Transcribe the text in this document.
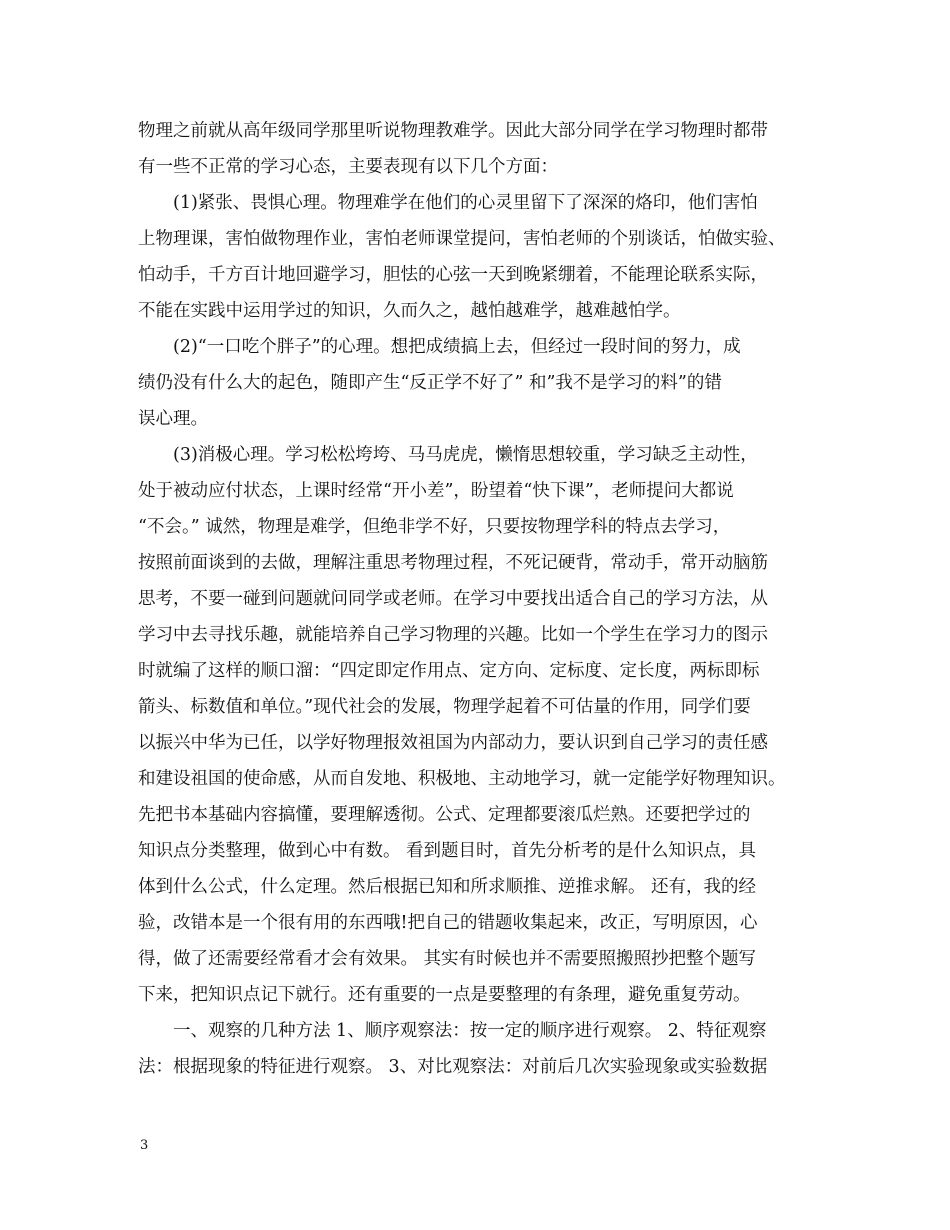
物理之前就从高年级同学那里听说物理教难学。因此大部分同学在学习物理时都带
有一些不正常的学习心态，主要表现有以下几个方面：
　　(1)紧张、畏惧心理。物理难学在他们的心灵里留下了深深的烙印，他们害怕
上物理课，害怕做物理作业，害怕老师课堂提问，害怕老师的个别谈话，怕做实验、
怕动手，千方百计地回避学习，胆怯的心弦一天到晚紧绷着，不能理论联系实际，
不能在实践中运用学过的知识，久而久之，越怕越难学，越难越怕学。
　　(2)“一口吃个胖子”的心理。想把成绩搞上去，但经过一段时间的努力，成
绩仍没有什么大的起色，随即产生“反正学不好了” 和”我不是学习的料”的错
误心理。
　　(3)消极心理。学习松松垮垮、马马虎虎，懒惰思想较重，学习缺乏主动性，
处于被动应付状态，上课时经常“开小差”，盼望着“快下课”，老师提问大都说
“不会。” 诚然，物理是难学，但绝非学不好，只要按物理学科的特点去学习，
按照前面谈到的去做，理解注重思考物理过程，不死记硬背，常动手，常开动脑筋
思考，不要一碰到问题就问同学或老师。在学习中要找出适合自己的学习方法，从
学习中去寻找乐趣，就能培养自己学习物理的兴趣。比如一个学生在学习力的图示
时就编了这样的顺口溜：“四定即定作用点、定方向、定标度、定长度，两标即标
箭头、标数值和单位。”现代社会的发展，物理学起着不可估量的作用，同学们要
以振兴中华为已任，以学好物理报效祖国为内部动力，要认识到自己学习的责任感
和建设祖国的使命感，从而自发地、积极地、主动地学习，就一定能学好物理知识。
先把书本基础内容搞懂，要理解透彻。公式、定理都要滚瓜烂熟。还要把学过的
知识点分类整理，做到心中有数。 看到题目时，首先分析考的是什么知识点，具
体到什么公式，什么定理。然后根据已知和所求顺推、逆推求解。 还有，我的经
验，改错本是一个很有用的东西哦!把自己的错题收集起来，改正，写明原因，心
得，做了还需要经常看才会有效果。 其实有时候也并不需要照搬照抄把整个题写
下来，把知识点记下就行。还有重要的一点是要整理的有条理，避免重复劳动。
　　一、观察的几种方法 1、顺序观察法：按一定的顺序进行观察。 2、特征观察
法：根据现象的特征进行观察。 3、对比观察法：对前后几次实验现象或实验数据
3
